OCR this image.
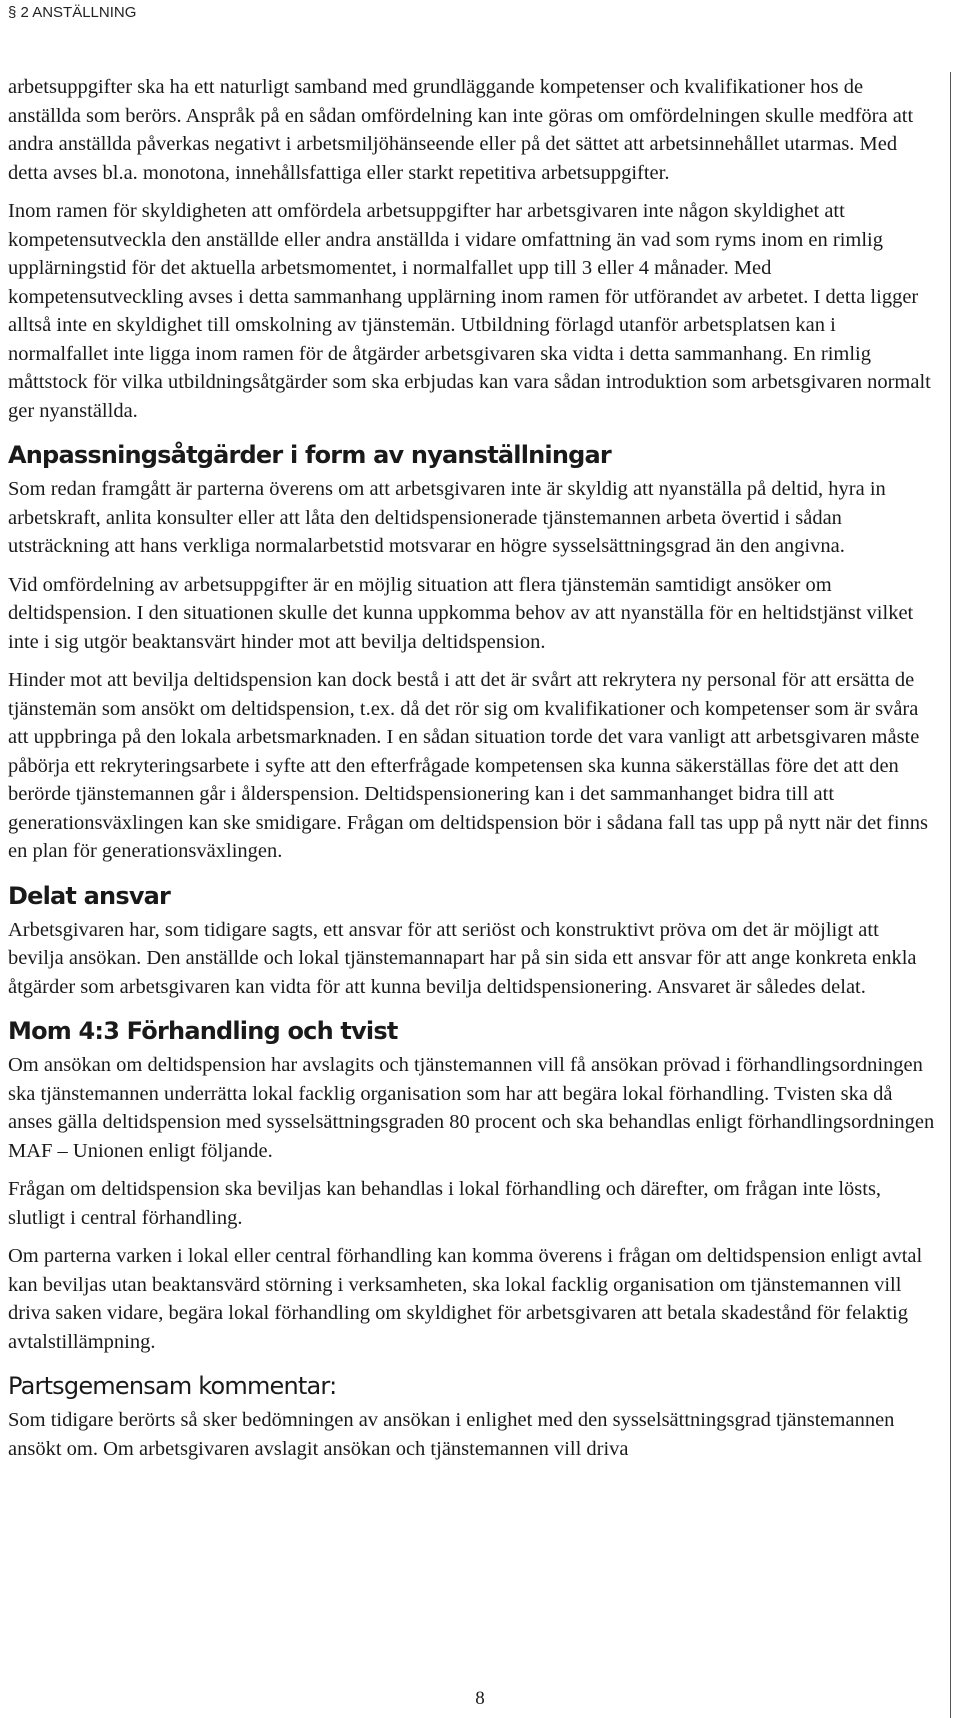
§ 2 ANSTÄLLNING

arbetsuppgifter ska ha ett naturligt samband med grundläggande kompetenser och kvalifikationer hos de anställda som berörs. Anspråk på en sådan omfördelning kan inte göras om omfördelningen skulle medföra att andra anställda påverkas negativt i arbetsmiljöhänseende eller på det sättet att arbetsinnehållet utarmas. Med detta avses bl.a. monotona, innehållsfattiga eller starkt repetitiva arbetsuppgifter.

Inom ramen för skyldigheten att omfördela arbetsuppgifter har arbetsgivaren inte någon skyldighet att kompetensutveckla den anställde eller andra anställda i vidare omfattning än vad som ryms inom en rimlig upplärningstid för det aktuella arbetsmomentet, i normalfallet upp till 3 eller 4 månader. Med kompetensutveckling avses i detta sammanhang upplärning inom ramen för utförandet av arbetet. I detta ligger alltså inte en skyldighet till omskolning av tjänstemän. Utbildning förlagd utanför arbetsplatsen kan i normalfallet inte ligga inom ramen för de åtgärder arbetsgivaren ska vidta i detta sammanhang. En rimlig måttstock för vilka utbildningsåtgärder som ska erbjudas kan vara sådan introduktion som arbetsgivaren normalt ger nyanställda.

Anpassningsåtgärder i form av nyanställningar

Som redan framgått är parterna överens om att arbetsgivaren inte är skyldig att nyanställa på deltid, hyra in arbetskraft, anlita konsulter eller att låta den deltidspensionerade tjänstemannen arbeta övertid i sådan utsträckning att hans verkliga normalarbetstid motsvarar en högre sysselsättningsgrad än den angivna.

Vid omfördelning av arbetsuppgifter är en möjlig situation att flera tjänstemän samtidigt ansöker om deltidspension. I den situationen skulle det kunna uppkomma behov av att nyanställa för en heltidstjänst vilket inte i sig utgör beaktansvärt hinder mot att bevilja deltidspension.

Hinder mot att bevilja deltidspension kan dock bestå i att det är svårt att rekrytera ny personal för att ersätta de tjänstemän som ansökt om deltidspension, t.ex. då det rör sig om kvalifikationer och kompetenser som är svåra att uppbringa på den lokala arbetsmarknaden. I en sådan situation torde det vara vanligt att arbetsgivaren måste påbörja ett rekryteringsarbete i syfte att den efterfrågade kompetensen ska kunna säkerställas före det att den berörde tjänstemannen går i ålderspension. Deltidspensionering kan i det sammanhanget bidra till att generationsväxlingen kan ske smidigare. Frågan om deltidspension bör i sådana fall tas upp på nytt när det finns en plan för generationsväxlingen.

Delat ansvar

Arbetsgivaren har, som tidigare sagts, ett ansvar för att seriöst och konstruktivt pröva om det är möjligt att bevilja ansökan. Den anställde och lokal tjänstemannapart har på sin sida ett ansvar för att ange konkreta enkla åtgärder som arbetsgivaren kan vidta för att kunna bevilja deltidspensionering. Ansvaret är således delat.

Mom 4:3 Förhandling och tvist

Om ansökan om deltidspension har avslagits och tjänstemannen vill få ansökan prövad i förhandlingsordningen ska tjänstemannen underrätta lokal facklig organisation som har att begära lokal förhandling. Tvisten ska då anses gälla deltidspension med sysselsättningsgraden 80 procent och ska behandlas enligt förhandlingsordningen MAF – Unionen enligt följande.

Frågan om deltidspension ska beviljas kan behandlas i lokal förhandling och därefter, om frågan inte lösts, slutligt i central förhandling.

Om parterna varken i lokal eller central förhandling kan komma överens i frågan om deltidspension enligt avtal kan beviljas utan beaktansvärd störning i verksamheten, ska lokal facklig organisation om tjänstemannen vill driva saken vidare, begära lokal förhandling om skyldighet för arbetsgivaren att betala skadestånd för felaktig avtalstillämpning.

Partsgemensam kommentar:

Som tidigare berörts så sker bedömningen av ansökan i enlighet med den sysselsättningsgrad tjänstemannen ansökt om. Om arbetsgivaren avslagit ansökan och tjänstemannen vill driva

8
